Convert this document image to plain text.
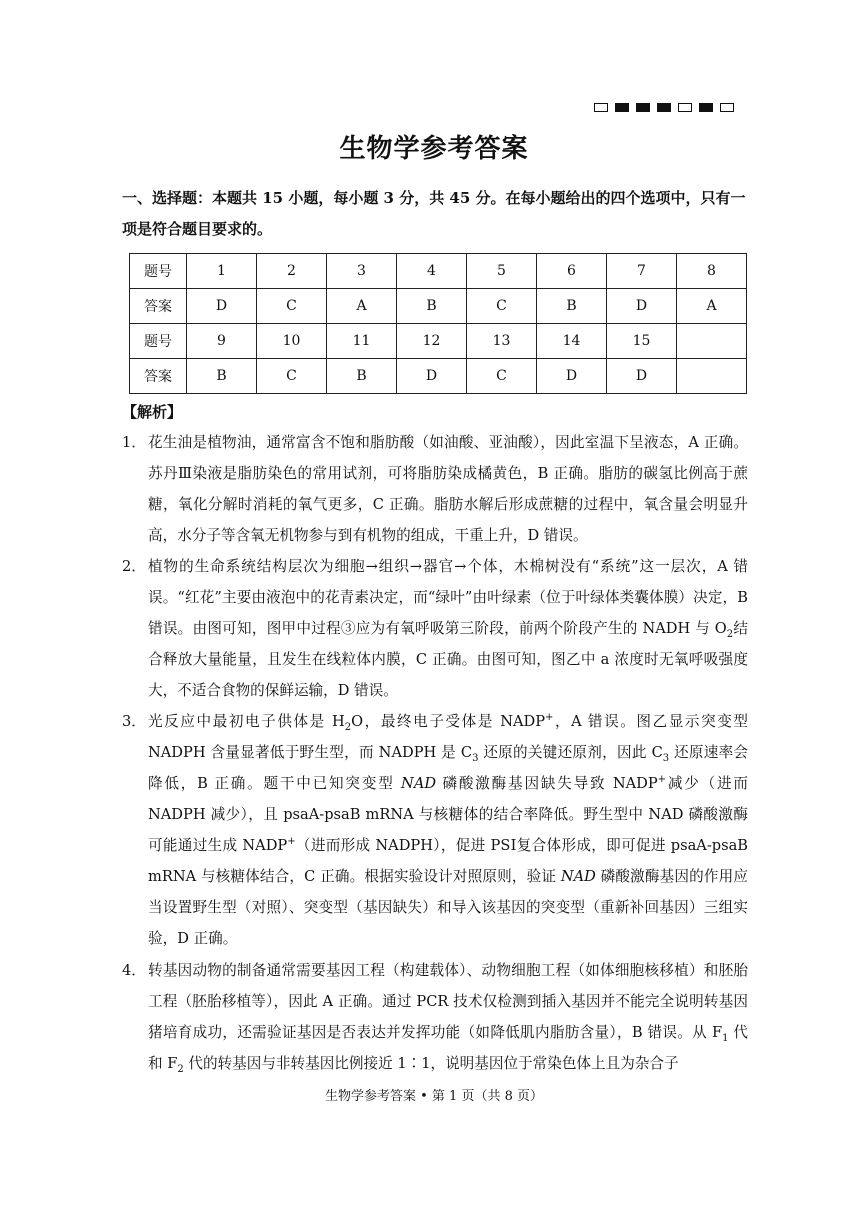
生物学参考答案
一、选择题：本题共 15 小题，每小题 3 分，共 45 分。在每小题给出的四个选项中，只有一项是符合题目要求的。
题号	1	2	3	4	5	6	7	8
答案	D	C	A	B	C	B	D	A
题号	9	10	11	12	13	14	15	
答案	B	C	B	D	C	D	D	
【解析】
1． 花生油是植物油，通常富含不饱和脂肪酸（如油酸、亚油酸），因此室温下呈液态，A 正确。苏丹Ⅲ染液是脂肪染色的常用试剂，可将脂肪染成橘黄色，B 正确。脂肪的碳氢比例高于蔗糖，氧化分解时消耗的氧气更多，C 正确。脂肪水解后形成蔗糖的过程中，氧含量会明显升高，水分子等含氧无机物参与到有机物的组成，干重上升，D 错误。
2． 植物的生命系统结构层次为细胞→组织→器官→个体，木棉树没有“系统”这一层次，A 错误。“红花”主要由液泡中的花青素决定，而“绿叶”由叶绿素（位于叶绿体类囊体膜）决定，B 错误。由图可知，图甲中过程③应为有氧呼吸第三阶段，前两个阶段产生的 NADH 与 $O_2$结合释放大量能量，且发生在线粒体内膜，C 正确。由图可知，图乙中 a 浓度时无氧呼吸强度大，不适合食物的保鲜运输，D 错误。
3． 光反应中最初电子供体是 $H_2O$，最终电子受体是 NADP+，A 错误。图乙显示突变型 NADPH 含量显著低于野生型，而 NADPH 是 $C_3$ 还原的关键还原剂，因此 $C_3$ 还原速率会降低，B 正确。题干中已知突变型 NAD 磷酸激酶基因缺失导致 NADP+减少（进而 NADPH 减少），且 psaA-psaB mRNA 与核糖体的结合率降低。野生型中 NAD 磷酸激酶可能通过生成 NADP+（进而形成 NADPH），促进 PSⅠ复合体形成，即可促进 psaA-psaB mRNA 与核糖体结合，C 正确。根据实验设计对照原则，验证 NAD 磷酸激酶基因的作用应当设置野生型（对照）、突变型（基因缺失）和导入该基因的突变型（重新补回基因）三组实验，D 正确。
4． 转基因动物的制备通常需要基因工程（构建载体）、动物细胞工程（如体细胞核移植）和胚胎工程（胚胎移植等），因此 A 正确。通过 PCR 技术仅检测到插入基因并不能完全说明转基因猪培育成功，还需验证基因是否表达并发挥功能（如降低肌内脂肪含量），B 错误。从 $F_1$ 代和 $F_2$ 代的转基因与非转基因比例接近 1∶1，说明基因位于常染色体上且为杂合子
生物学参考答案 • 第 1 页（共 8 页）
